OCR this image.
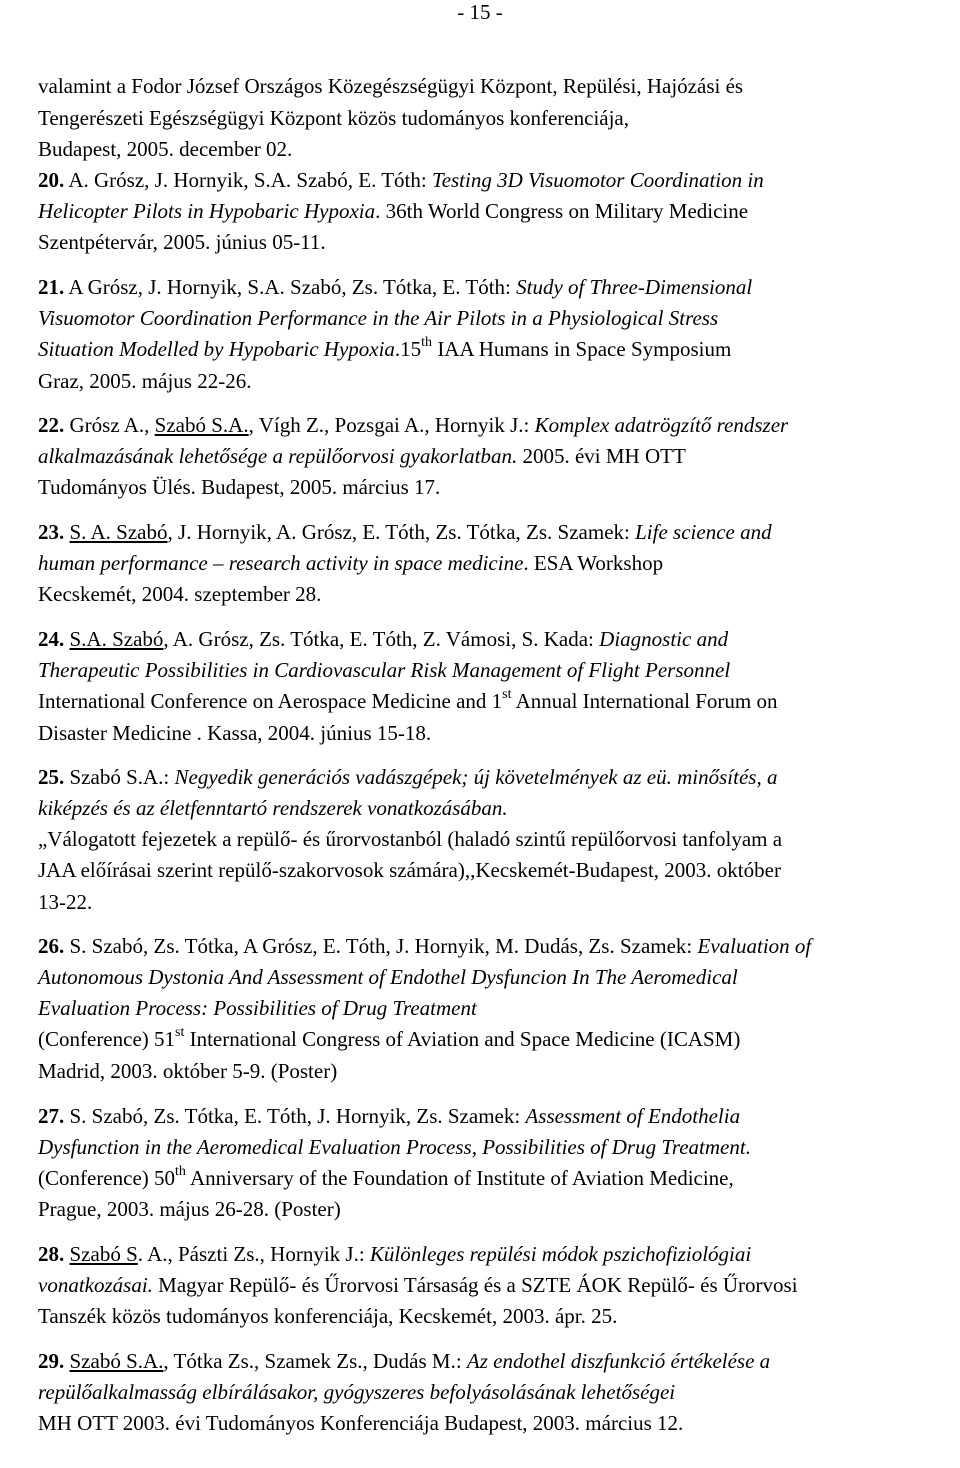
- 15 -
valamint a Fodor József Országos Közegészségügyi Központ, Repülési, Hajózási és
Tengerészeti Egészségügyi Központ közös tudományos konferenciája,
Budapest, 2005. december 02.
20. A. Grósz, J. Hornyik, S.A. Szabó, E. Tóth: Testing 3D Visuomotor Coordination in
Helicopter Pilots in Hypobaric Hypoxia. 36th World Congress on Military Medicine
Szentpétervár, 2005. június 05-11.
21. A Grósz, J. Hornyik, S.A. Szabó, Zs. Tótka, E. Tóth: Study of Three-Dimensional
Visuomotor Coordination Performance in the Air Pilots in a Physiological Stress
Situation Modelled by Hypobaric Hypoxia.15th IAA Humans in Space Symposium
Graz, 2005. május 22-26.
22. Grósz A., Szabó S.A., Vígh Z., Pozsgai A., Hornyik J.: Komplex adatrögzítő rendszer
alkalmazásának lehetősége a repülőorvosi gyakorlatban. 2005. évi MH OTT
Tudományos Ülés. Budapest, 2005. március 17.
23. S. A. Szabó, J. Hornyik, A. Grósz, E. Tóth, Zs. Tótka, Zs. Szamek: Life science and
human performance – research activity in space medicine. ESA Workshop
Kecskemét, 2004. szeptember 28.
24. S.A. Szabó, A. Grósz, Zs. Tótka, E. Tóth, Z. Vámosi, S. Kada: Diagnostic and
Therapeutic Possibilities in Cardiovascular Risk Management of Flight Personnel
International Conference on Aerospace Medicine and 1st Annual International Forum on
Disaster Medicine . Kassa, 2004. június 15-18.
25. Szabó S.A.: Negyedik generációs vadászgépek; új követelmények az eü. minősítés, a
kiképzés és az életfenntartó rendszerek vonatkozásában.
„Válogatott fejezetek a repülő- és űrorvostanból (haladó szintű repülőorvosi tanfolyam a
JAA előírásai szerint repülő-szakorvosok számára),,Kecskemét-Budapest, 2003. október
13-22.
26. S. Szabó, Zs. Tótka, A Grósz, E. Tóth, J. Hornyik, M. Dudás, Zs. Szamek: Evaluation of
Autonomous Dystonia And Assessment of Endothel Dysfuncion In The Aeromedical
Evaluation Process: Possibilities of Drug Treatment
(Conference) 51st International Congress of Aviation and Space Medicine (ICASM)
Madrid, 2003. október 5-9. (Poster)
27. S. Szabó, Zs. Tótka, E. Tóth, J. Hornyik, Zs. Szamek: Assessment of Endothelia
Dysfunction in the Aeromedical Evaluation Process, Possibilities of Drug Treatment.
(Conference) 50th Anniversary of the Foundation of Institute of Aviation Medicine,
Prague, 2003. május 26-28. (Poster)
28. Szabó S. A., Pászti Zs., Hornyik J.: Különleges repülési módok pszichofiziológiai
vonatkozásai. Magyar Repülő- és Űrorvosi Társaság és a SZTE ÁOK Repülő- és Űrorvosi
Tanszék közös tudományos konferenciája, Kecskemét, 2003. ápr. 25.
29. Szabó S.A., Tótka Zs., Szamek Zs., Dudás M.: Az endothel diszfunkció értékelése a
repülőalkalmasság elbírálásakor, gyógyszeres befolyásolásának lehetőségei
MH OTT 2003. évi Tudományos Konferenciája Budapest, 2003. március 12.
